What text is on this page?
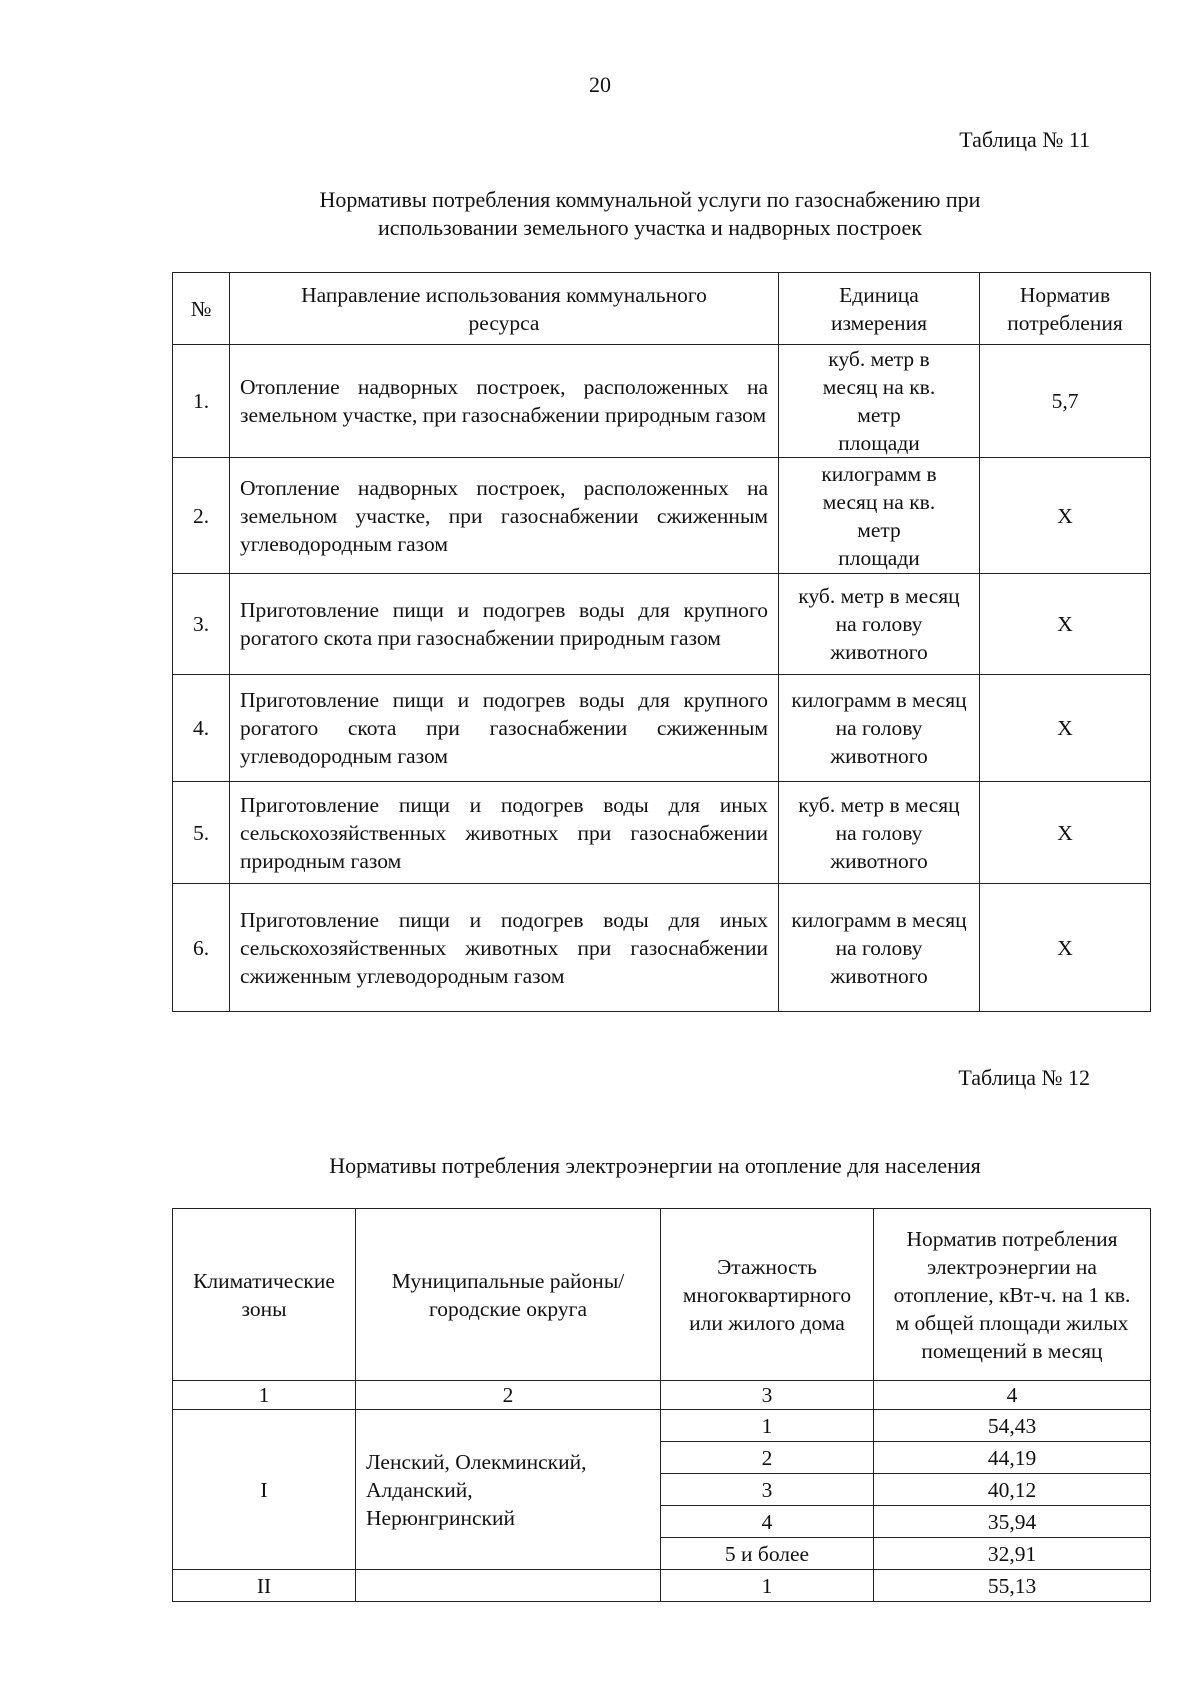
20
Таблица № 11
Нормативы потребления коммунальной услуги по газоснабжению при
использовании земельного участка и надворных построек
№	Направление использования коммунального ресурса	Единица измерения	Норматив потребления
1.	Отопление надворных построек, расположенных на земельном участке, при газоснабжении природным газом	куб. метр в месяц на кв. метр площади	5,7
2.	Отопление надворных построек, расположенных на земельном участке, при газоснабжении сжиженным углеводородным газом	килограмм в месяц на кв. метр площади	X
3.	Приготовление пищи и подогрев воды для крупного рогатого скота при газоснабжении природным газом	куб. метр в месяц на голову животного	X
4.	Приготовление пищи и подогрев воды для крупного рогатого скота при газоснабжении сжиженным углеводородным газом	килограмм в месяц на голову животного	X
5.	Приготовление пищи и подогрев воды для иных сельскохозяйственных животных при газоснабжении природным газом	куб. метр в месяц на голову животного	X
6.	Приготовление пищи и подогрев воды для иных сельскохозяйственных животных при газоснабжении сжиженным углеводородным газом	килограмм в месяц на голову животного	X
Таблица № 12
Нормативы потребления электроэнергии на отопление для населения
Климатические зоны	Муниципальные районы/городские округа	Этажность многоквартирного или жилого дома	Норматив потребления электроэнергии на отопление, кВт-ч. на 1 кв. м общей площади жилых помещений в месяц
1	2	3	4
I	Ленский, Олекминский, Алданский, Нерюнгринский	1	54,43
		2	44,19
		3	40,12
		4	35,94
		5 и более	32,91
II		1	55,13
